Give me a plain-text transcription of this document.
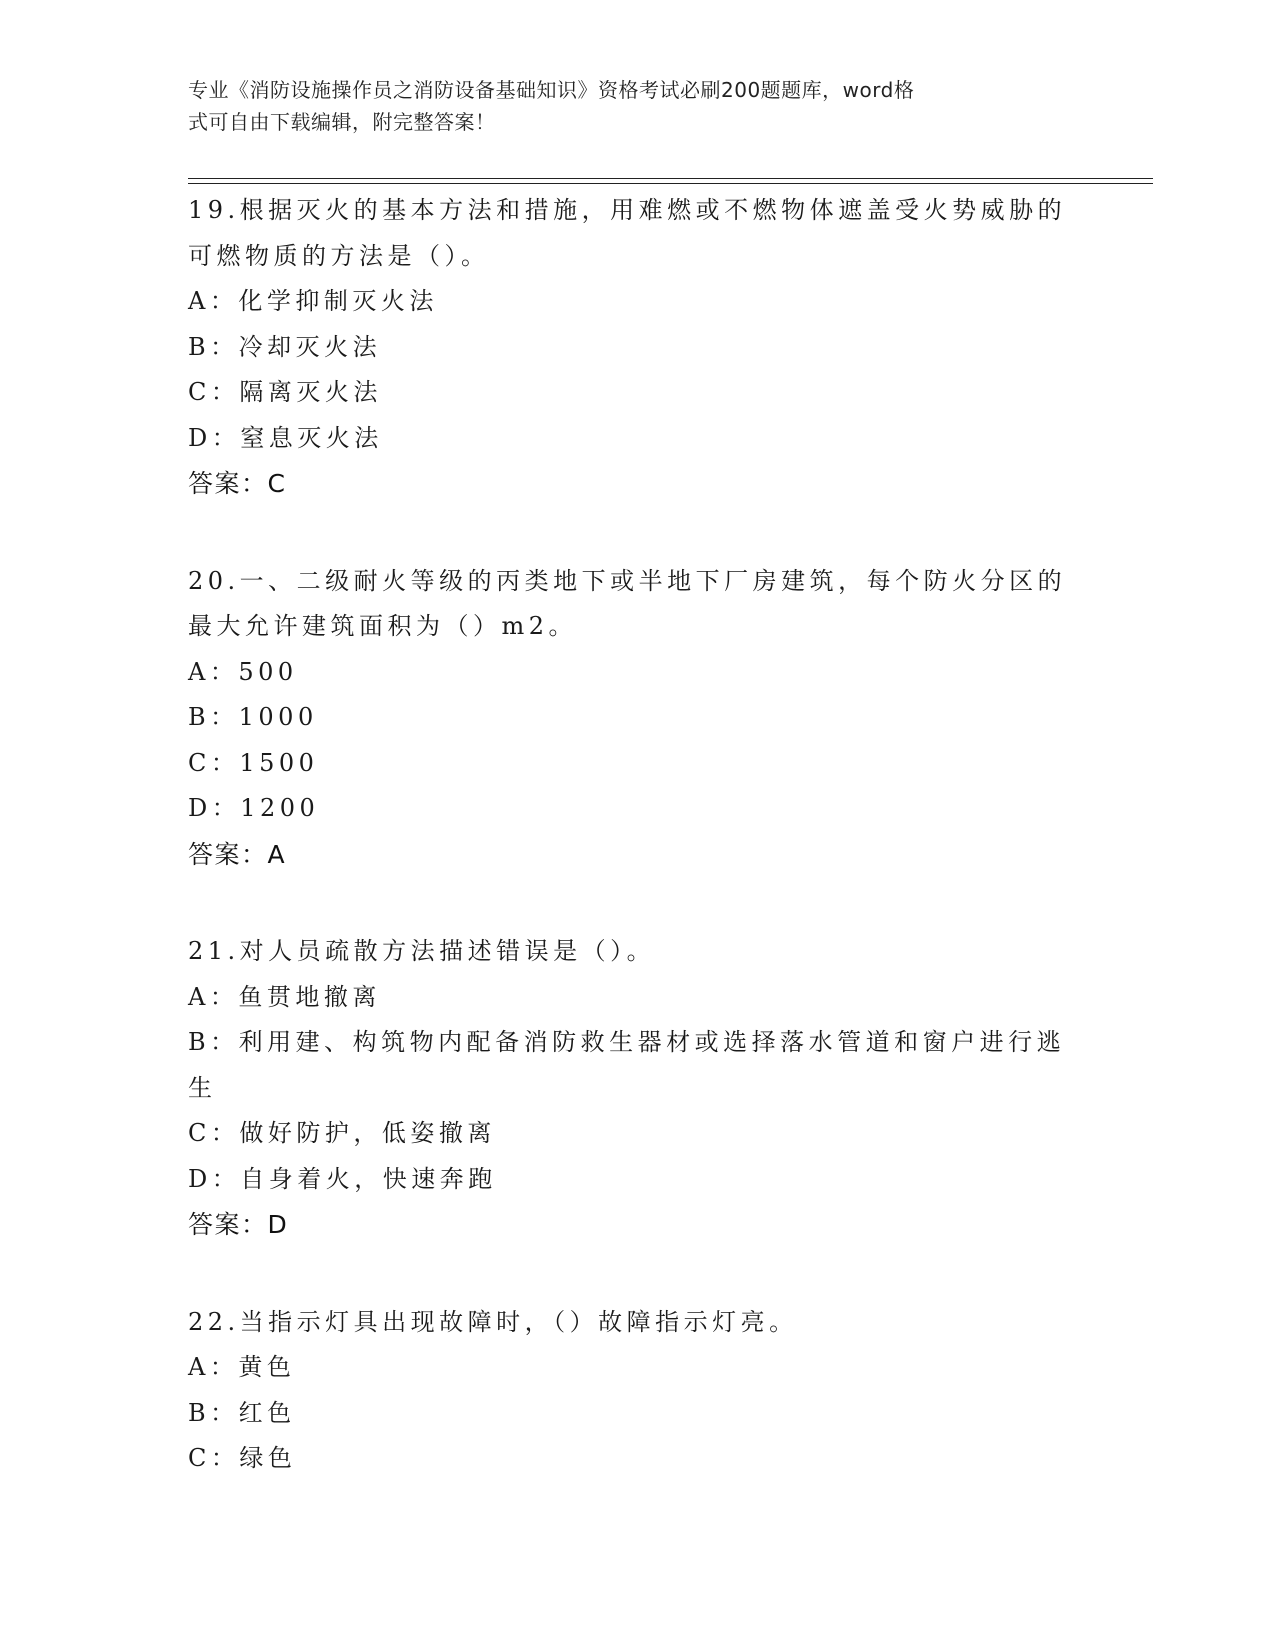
专业《消防设施操作员之消防设备基础知识》资格考试必刷200题题库，word格
式可自由下载编辑，附完整答案！

19.根据灭火的基本方法和措施，用难燃或不燃物体遮盖受火势威胁的

可燃物质的方法是（）。

A：化学抑制灭火法

B：冷却灭火法

C：隔离灭火法

D：窒息灭火法

答案：C

20.一、二级耐火等级的丙类地下或半地下厂房建筑，每个防火分区的

最大允许建筑面积为（）m2。

A：500

B：1000

C：1500

D：1200

答案：A

21.对人员疏散方法描述错误是（）。

A：鱼贯地撤离

B：利用建、构筑物内配备消防救生器材或选择落水管道和窗户进行逃

生

C：做好防护，低姿撤离

D：自身着火，快速奔跑

答案：D

22.当指示灯具出现故障时，（）故障指示灯亮。

A：黄色

B：红色

C：绿色
